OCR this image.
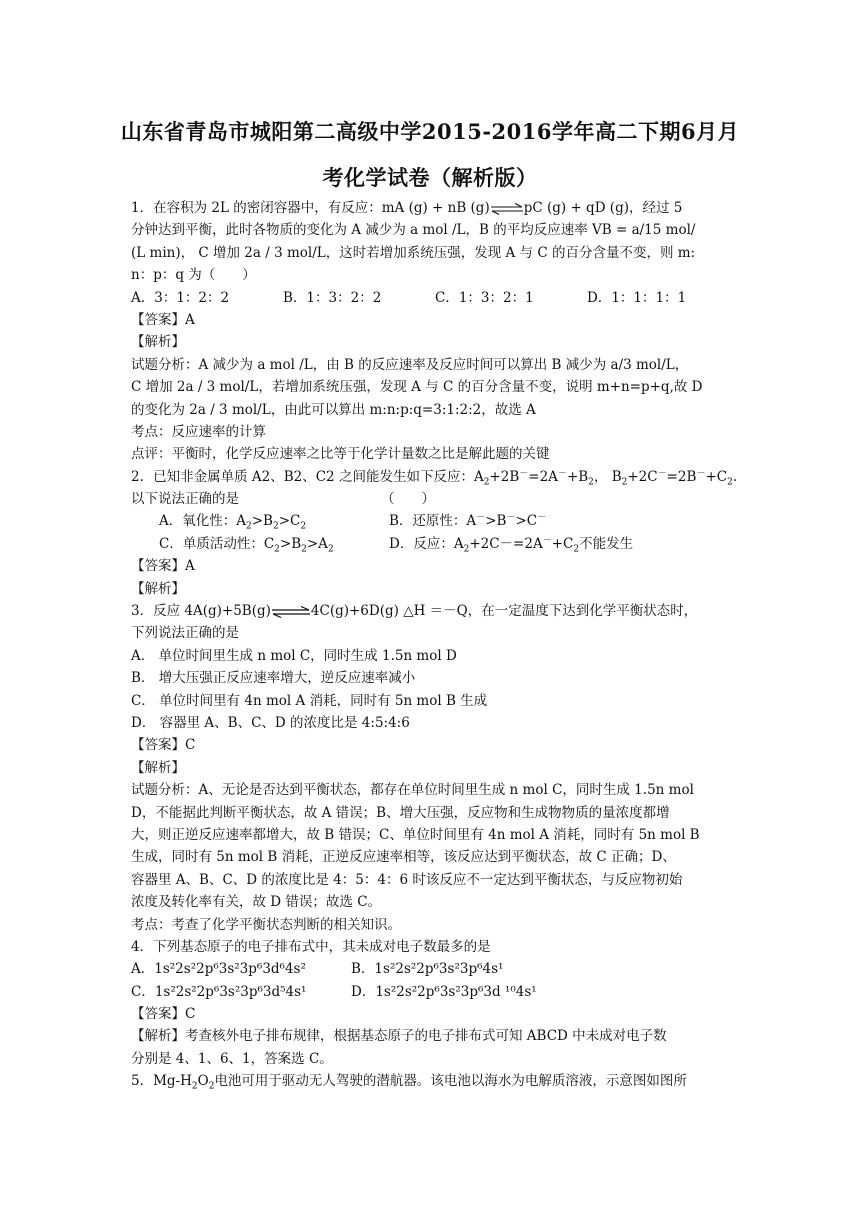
山东省青岛市城阳第二高级中学2015-2016学年高二下期6月月
考化学试卷（解析版）
1．在容积为 2L 的密闭容器中，有反应：mA (g) + nB (g)⇌pC (g) + qD (g)，经过 5
分钟达到平衡，此时各物质的变化为 A 减少为 a mol /L，B 的平均反应速率 VB = a/15 mol/
(L min)， C 增加 2a / 3 mol/L，这时若增加系统压强，发现 A 与 C 的百分含量不变，则 m:
n：p：q 为（　　）
A．3：1：2：2	B．1：3：2：2	C．1：3：2：1	D．1：1：1：1
【答案】A
【解析】
试题分析：A 减少为 a mol /L，由 B 的反应速率及反应时间可以算出 B 减少为 a/3 mol/L，
C 增加 2a / 3 mol/L，若增加系统压强，发现 A 与 C 的百分含量不变，说明 m+n=p+q,故 D
的变化为 2a / 3 mol/L，由此可以算出 m:n:p:q=3:1:2:2，故选 A
考点：反应速率的计算
点评：平衡时，化学反应速率之比等于化学计量数之比是解此题的关键
2．已知非金属单质 A2、B2、C2 之间能发生如下反应：$A_2+2B^-=2A^-+B_2$， $B_2+2C^-=2B^-+C_2$.
以下说法正确的是	（　　）
A．氧化性：$A_2>B_2>C_2$	B．还原性：A－>B－>C－
C．单质活动性：$C_2>B_2>A_2$	D．反应：$A_2+2C-=2A^-+C_2$不能发生
【答案】A
【解析】
3．反应 4A(g)+5B(g)⇌4C(g)+6D(g) △H ＝－Q，在一定温度下达到化学平衡状态时，
下列说法正确的是
A． 单位时间里生成 n mol C，同时生成 1.5n mol D
B． 增大压强正反应速率增大，逆反应速率减小
C． 单位时间里有 4n mol A 消耗，同时有 5n mol B 生成
D． 容器里 A、B、C、D 的浓度比是 4:5:4:6
【答案】C
【解析】
试题分析：A、无论是否达到平衡状态，都存在单位时间里生成 n mol C，同时生成 1.5n mol
D，不能据此判断平衡状态，故 A 错误；B、增大压强，反应物和生成物物质的量浓度都增
大，则正逆反应速率都增大，故 B 错误；C、单位时间里有 4n mol A 消耗，同时有 5n mol B
生成，同时有 5n mol B 消耗，正逆反应速率相等，该反应达到平衡状态，故 C 正确；D、
容器里 A、B、C、D 的浓度比是 4：5：4：6 时该反应不一定达到平衡状态，与反应物初始
浓度及转化率有关，故 D 错误；故选 C。
考点：考查了化学平衡状态判断的相关知识。
4．下列基态原子的电子排布式中，其未成对电子数最多的是
A．1s²2s²2p⁶3s²3p⁶3d⁶4s²	B．1s²2s²2p⁶3s²3p⁶4s¹
C．1s²2s²2p⁶3s²3p⁶3d⁵4s¹	D．1s²2s²2p⁶3s²3p⁶3d ¹⁰4s¹
【答案】C
【解析】考查核外电子排布规律，根据基态原子的电子排布式可知 ABCD 中未成对电子数
分别是 4、1、6、1，答案选 C。
5．$Mg-H_2O_2$电池可用于驱动无人驾驶的潜航器。该电池以海水为电解质溶液，示意图如图所
